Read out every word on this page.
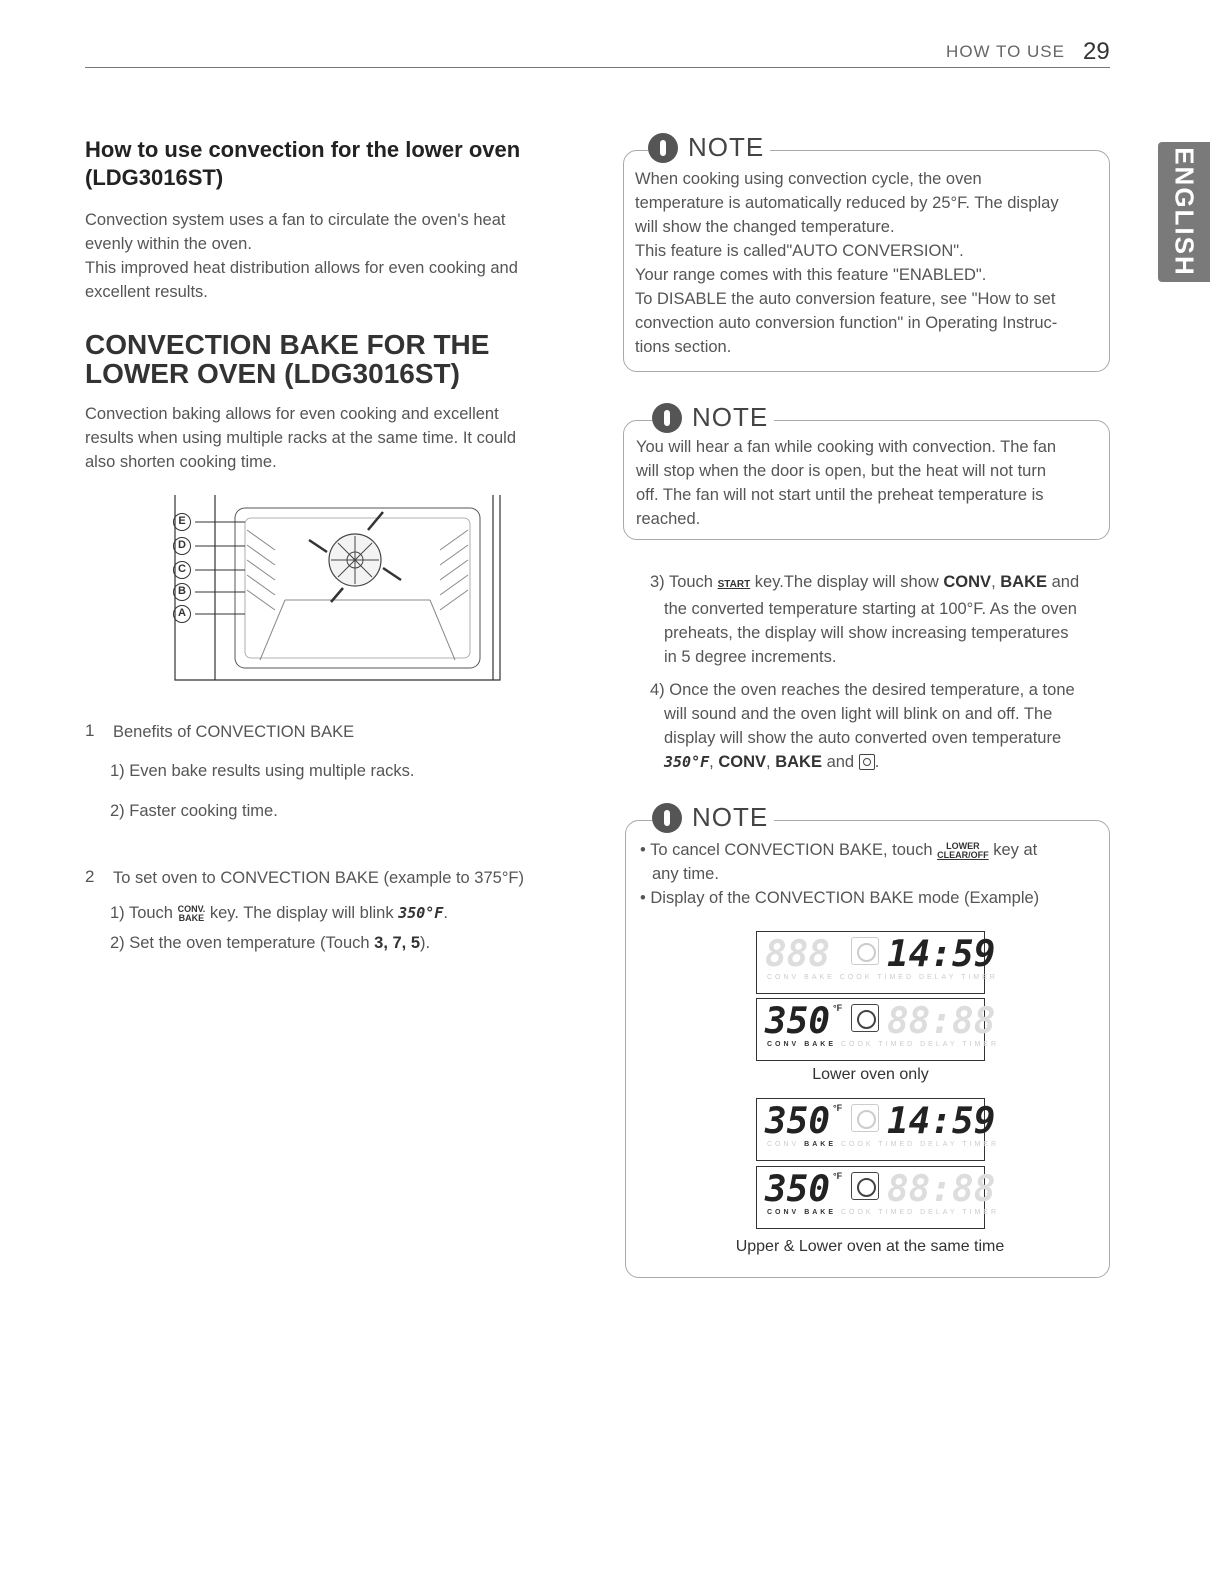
HOW TO USE 29
ENGLISH
How to use convection for the lower oven (LDG3016ST)
Convection system uses a fan to circulate the oven's heat
evenly within the oven.
This improved heat distribution allows for even cooking and
excellent results.
CONVECTION BAKE FOR THE LOWER OVEN (LDG3016ST)
Convection baking allows for even cooking and excellent
results when using multiple racks at the same time. It could
also shorten cooking time.
E
D
C
B
A
1 Benefits of CONVECTION BAKE
1) Even bake results using multiple racks.
2) Faster cooking time.
2 To set oven to CONVECTION BAKE (example to 375°F)
1) Touch CONV.
BAKE key. The display will blink 350°F.
2) Set the oven temperature (Touch 3, 7, 5).
NOTE
When cooking using convection cycle, the oven
temperature is automatically reduced by 25°F. The display
will show the changed temperature.
This feature is called"AUTO CONVERSION".
Your range comes with this feature "ENABLED".
To DISABLE the auto conversion feature, see "How to set
convection auto conversion function" in Operating Instruc-
tions section.
NOTE
You will hear a fan while cooking with convection. The fan
will stop when the door is open, but the heat will not turn
off. The fan will not start until the preheat temperature is
reached.
3) Touch START key.The display will show CONV, BAKE and
the converted temperature starting at 100°F. As the oven
preheats, the display will show increasing temperatures
in 5 degree increments.
4) Once the oven reaches the desired temperature, a tone
will sound and the oven light will blink on and off. The
display will show the auto converted oven temperature
350°F, CONV, BAKE and .
NOTE
• To cancel CONVECTION BAKE, touch LOWER
CLEAR/OFF key at
any time.
• Display of the CONVECTION BAKE mode (Example)
888 14:59
CONV BAKE COOK TIMED DELAY TIMER
350 °F 88:88
CONV BAKE COOK TIMED DELAY TIMER
Lower oven only
350 °F 14:59
CONV BAKE COOK TIMED DELAY TIMER
350 °F 88:88
CONV BAKE COOK TIMED DELAY TIMER
Upper & Lower oven at the same time
